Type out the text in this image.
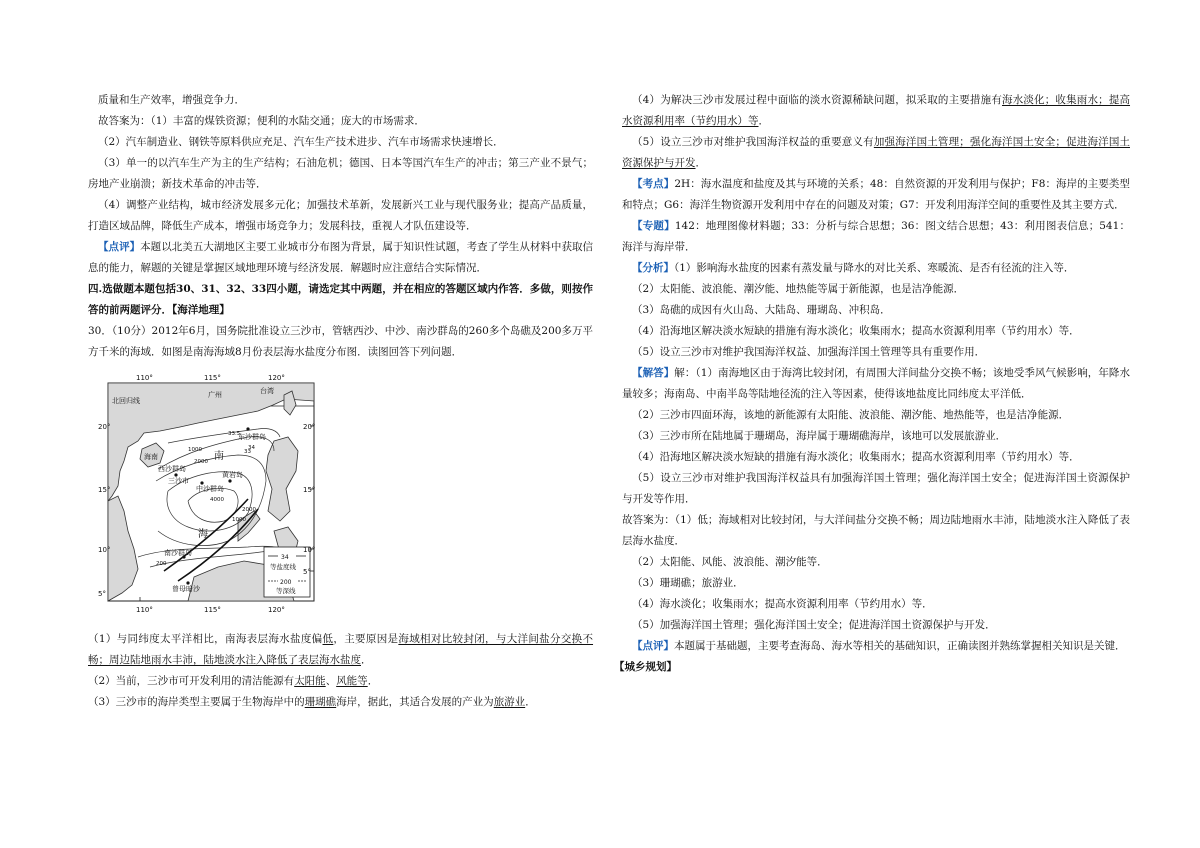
质量和生产效率，增强竞争力．

故答案为：（1）丰富的煤铁资源；便利的水陆交通；庞大的市场需求．

（2）汽车制造业、钢铁等原料供应充足、汽车生产技术进步、汽车市场需求快速增长．

（3）单一的以汽车生产为主的生产结构；石油危机；德国、日本等国汽车生产的冲击；第三产业不景气；房地产业崩溃；新技术革命的冲击等．

（4）调整产业结构，城市经济发展多元化；加强技术革新，发展新兴工业与现代服务业；提高产品质量，打造区域品牌，降低生产成本，增强市场竞争力；发展科技，重视人才队伍建设等．

【点评】本题以北美五大湖地区主要工业城市分布图为背景，属于知识性试题，考查了学生从材料中获取信息的能力，解题的关键是掌握区域地理环境与经济发展．解题时应注意结合实际情况．

四.选做题本题包括30、31、32、33四小题，请选定其中两题，并在相应的答题区域内作答．多做，则按作答的前两题评分．【海洋地理】

30．（10分）2012年6月，国务院批准设立三沙市，管辖西沙、中沙、南沙群岛的260多个岛礁及200多万平方千米的海域．如图是南海海域8月份表层海水盐度分布图．读图回答下列问题．

110°	115°	120°
110°	115°	120°
20°
15°
10°
5°
20°
15°
10°
5°
北回归线
广州	台湾
海南
东沙群岛
西沙群岛
三沙市
中沙群岛
黄岩岛
南
海
南沙群岛
曾母暗沙
34
等盐度线
200
等深线
34
33.5
33
1000
2000
2000
1000
200
4000

（1）与同纬度太平洋相比，南海表层海水盐度偏低，主要原因是海域相对比较封闭，与大洋间盐分交换不畅；周边陆地雨水丰沛，陆地淡水注入降低了表层海水盐度．

（2）当前，三沙市可开发利用的清洁能源有太阳能、风能等．

（3）三沙市的海岸类型主要属于生物海岸中的珊瑚礁海岸，据此，其适合发展的产业为旅游业．

（4）为解决三沙市发展过程中面临的淡水资源稀缺问题，拟采取的主要措施有海水淡化；收集雨水；提高水资源利用率（节约用水）等．

（5）设立三沙市对维护我国海洋权益的重要意义有加强海洋国土管理；强化海洋国土安全；促进海洋国土资源保护与开发．

【考点】2H：海水温度和盐度及其与环境的关系；48：自然资源的开发利用与保护；F8：海岸的主要类型和特点；G6：海洋生物资源开发利用中存在的问题及对策；G7：开发利用海洋空间的重要性及其主要方式．

【专题】142：地理图像材料题；33：分析与综合思想；36：图文结合思想；43：利用图表信息；541：海洋与海岸带．

【分析】（1）影响海水盐度的因素有蒸发量与降水的对比关系、寒暖流、是否有径流的注入等．

（2）太阳能、波浪能、潮汐能、地热能等属于新能源，也是洁净能源．

（3）岛礁的成因有火山岛、大陆岛、珊瑚岛、冲积岛．

（4）沿海地区解决淡水短缺的措施有海水淡化；收集雨水；提高水资源利用率（节约用水）等．

（5）设立三沙市对维护我国海洋权益、加强海洋国土管理等具有重要作用．

【解答】解：（1）南海地区由于海湾比较封闭，有周围大洋间盐分交换不畅；该地受季风气候影响，年降水量较多；海南岛、中南半岛等陆地径流的注入等因素，使得该地盐度比同纬度太平洋低．

（2）三沙市四面环海，该地的新能源有太阳能、波浪能、潮汐能、地热能等，也是洁净能源．

（3）三沙市所在陆地属于珊瑚岛，海岸属于珊瑚礁海岸，该地可以发展旅游业．

（4）沿海地区解决淡水短缺的措施有海水淡化；收集雨水；提高水资源利用率（节约用水）等．

（5）设立三沙市对维护我国海洋权益具有加强海洋国土管理；强化海洋国土安全；促进海洋国土资源保护与开发等作用．

故答案为：（1）低；海域相对比较封闭，与大洋间盐分交换不畅；周边陆地雨水丰沛，陆地淡水注入降低了表层海水盐度．

（2）太阳能、风能、波浪能、潮汐能等．

（3）珊瑚礁；旅游业．

（4）海水淡化；收集雨水；提高水资源利用率（节约用水）等．

（5）加强海洋国土管理；强化海洋国土安全；促进海洋国土资源保护与开发．

【点评】本题属于基础题，主要考查海岛、海水等相关的基础知识，正确读图并熟练掌握相关知识是关键．

【城乡规划】
